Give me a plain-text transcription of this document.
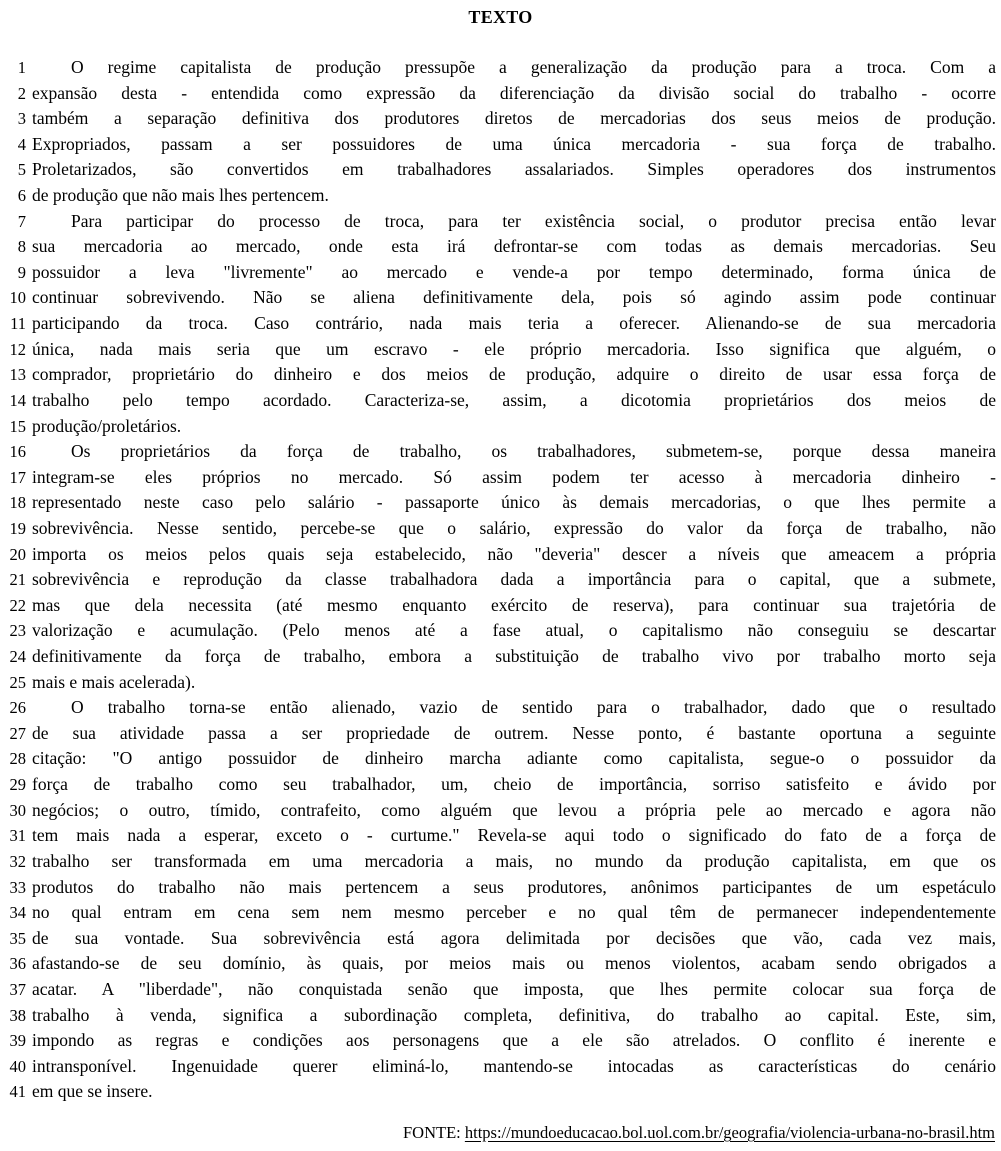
TEXTO
1	O regime capitalista de produção pressupõe a generalização da produção para a troca. Com a
2 expansão desta - entendida como expressão da diferenciação da divisão social do trabalho - ocorre
3 também a separação definitiva dos produtores diretos de mercadorias dos seus meios de produção.
4 Expropriados, passam a ser possuidores de uma única mercadoria - sua força de trabalho.
5 Proletarizados, são convertidos em trabalhadores assalariados. Simples operadores dos instrumentos
6 de produção que não mais lhes pertencem.
7	Para participar do processo de troca, para ter existência social, o produtor precisa então levar
8 sua mercadoria ao mercado, onde esta irá defrontar-se com todas as demais mercadorias. Seu
9 possuidor a leva "livremente" ao mercado e vende-a por tempo determinado, forma única de
10 continuar sobrevivendo. Não se aliena definitivamente dela, pois só agindo assim pode continuar
11 participando da troca. Caso contrário, nada mais teria a oferecer. Alienando-se de sua mercadoria
12 única, nada mais seria que um escravo - ele próprio mercadoria. Isso significa que alguém, o
13 comprador, proprietário do dinheiro e dos meios de produção, adquire o direito de usar essa força de
14 trabalho pelo tempo acordado. Caracteriza-se, assim, a dicotomia proprietários dos meios de
15 produção/proletários.
16	Os proprietários da força de trabalho, os trabalhadores, submetem-se, porque dessa maneira
17 integram-se eles próprios no mercado. Só assim podem ter acesso à mercadoria dinheiro -
18 representado neste caso pelo salário - passaporte único às demais mercadorias, o que lhes permite a
19 sobrevivência. Nesse sentido, percebe-se que o salário, expressão do valor da força de trabalho, não
20 importa os meios pelos quais seja estabelecido, não "deveria" descer a níveis que ameacem a própria
21 sobrevivência e reprodução da classe trabalhadora dada a importância para o capital, que a submete,
22 mas que dela necessita (até mesmo enquanto exército de reserva), para continuar sua trajetória de
23 valorização e acumulação. (Pelo menos até a fase atual, o capitalismo não conseguiu se descartar
24 definitivamente da força de trabalho, embora a substituição de trabalho vivo por trabalho morto seja
25 mais e mais acelerada).
26	O trabalho torna-se então alienado, vazio de sentido para o trabalhador, dado que o resultado
27 de sua atividade passa a ser propriedade de outrem. Nesse ponto, é bastante oportuna a seguinte
28 citação: "O antigo possuidor de dinheiro marcha adiante como capitalista, segue-o o possuidor da
29 força de trabalho como seu trabalhador, um, cheio de importância, sorriso satisfeito e ávido por
30 negócios; o outro, tímido, contrafeito, como alguém que levou a própria pele ao mercado e agora não
31 tem mais nada a esperar, exceto o - curtume." Revela-se aqui todo o significado do fato de a força de
32 trabalho ser transformada em uma mercadoria a mais, no mundo da produção capitalista, em que os
33 produtos do trabalho não mais pertencem a seus produtores, anônimos participantes de um espetáculo
34 no qual entram em cena sem nem mesmo perceber e no qual têm de permanecer independentemente
35 de sua vontade. Sua sobrevivência está agora delimitada por decisões que vão, cada vez mais,
36 afastando-se de seu domínio, às quais, por meios mais ou menos violentos, acabam sendo obrigados a
37 acatar. A "liberdade", não conquistada senão que imposta, que lhes permite colocar sua força de
38 trabalho à venda, significa a subordinação completa, definitiva, do trabalho ao capital. Este, sim,
39 impondo as regras e condições aos personagens que a ele são atrelados. O conflito é inerente e
40 intransponível. Ingenuidade querer eliminá-lo, mantendo-se intocadas as características do cenário
41 em que se insere.
FONTE: https://mundoeducacao.bol.uol.com.br/geografia/violencia-urbana-no-brasil.htm
